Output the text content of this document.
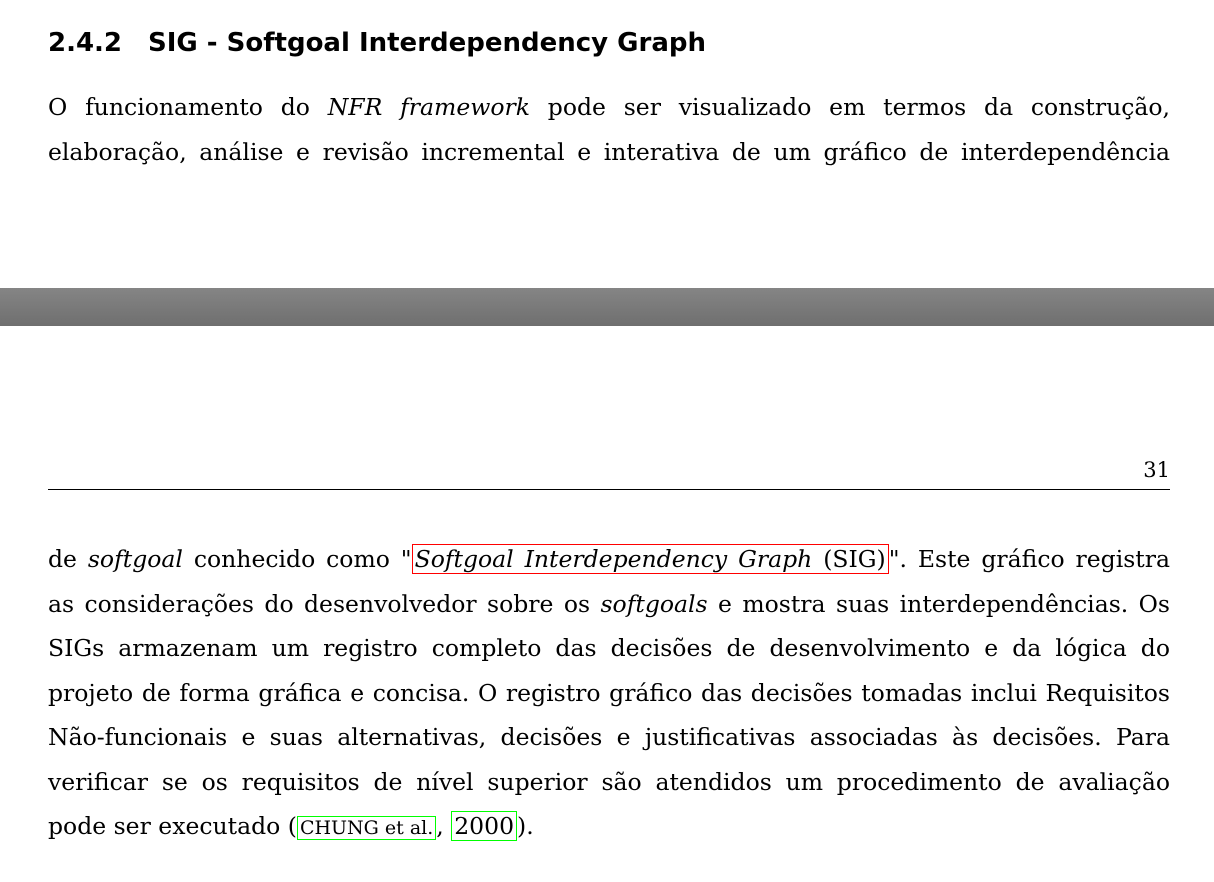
2.4.2 SIG - Softgoal Interdependency Graph

O funcionamento do NFR framework pode ser visualizado em termos da construção,
elaboração, análise e revisão incremental e interativa de um gráfico de interdependência

31

de softgoal conhecido como " Softgoal Interdependency Graph (SIG) ". Este gráfico registra
as considerações do desenvolvedor sobre os softgoals e mostra suas interdependências. Os
SIGs armazenam um registro completo das decisões de desenvolvimento e da lógica do
projeto de forma gráfica e concisa. O registro gráfico das decisões tomadas inclui Requisitos
Não-funcionais e suas alternativas, decisões e justificativas associadas às decisões. Para
verificar se os requisitos de nível superior são atendidos um procedimento de avaliação
pode ser executado ( CHUNG et al. , 2000 ).
